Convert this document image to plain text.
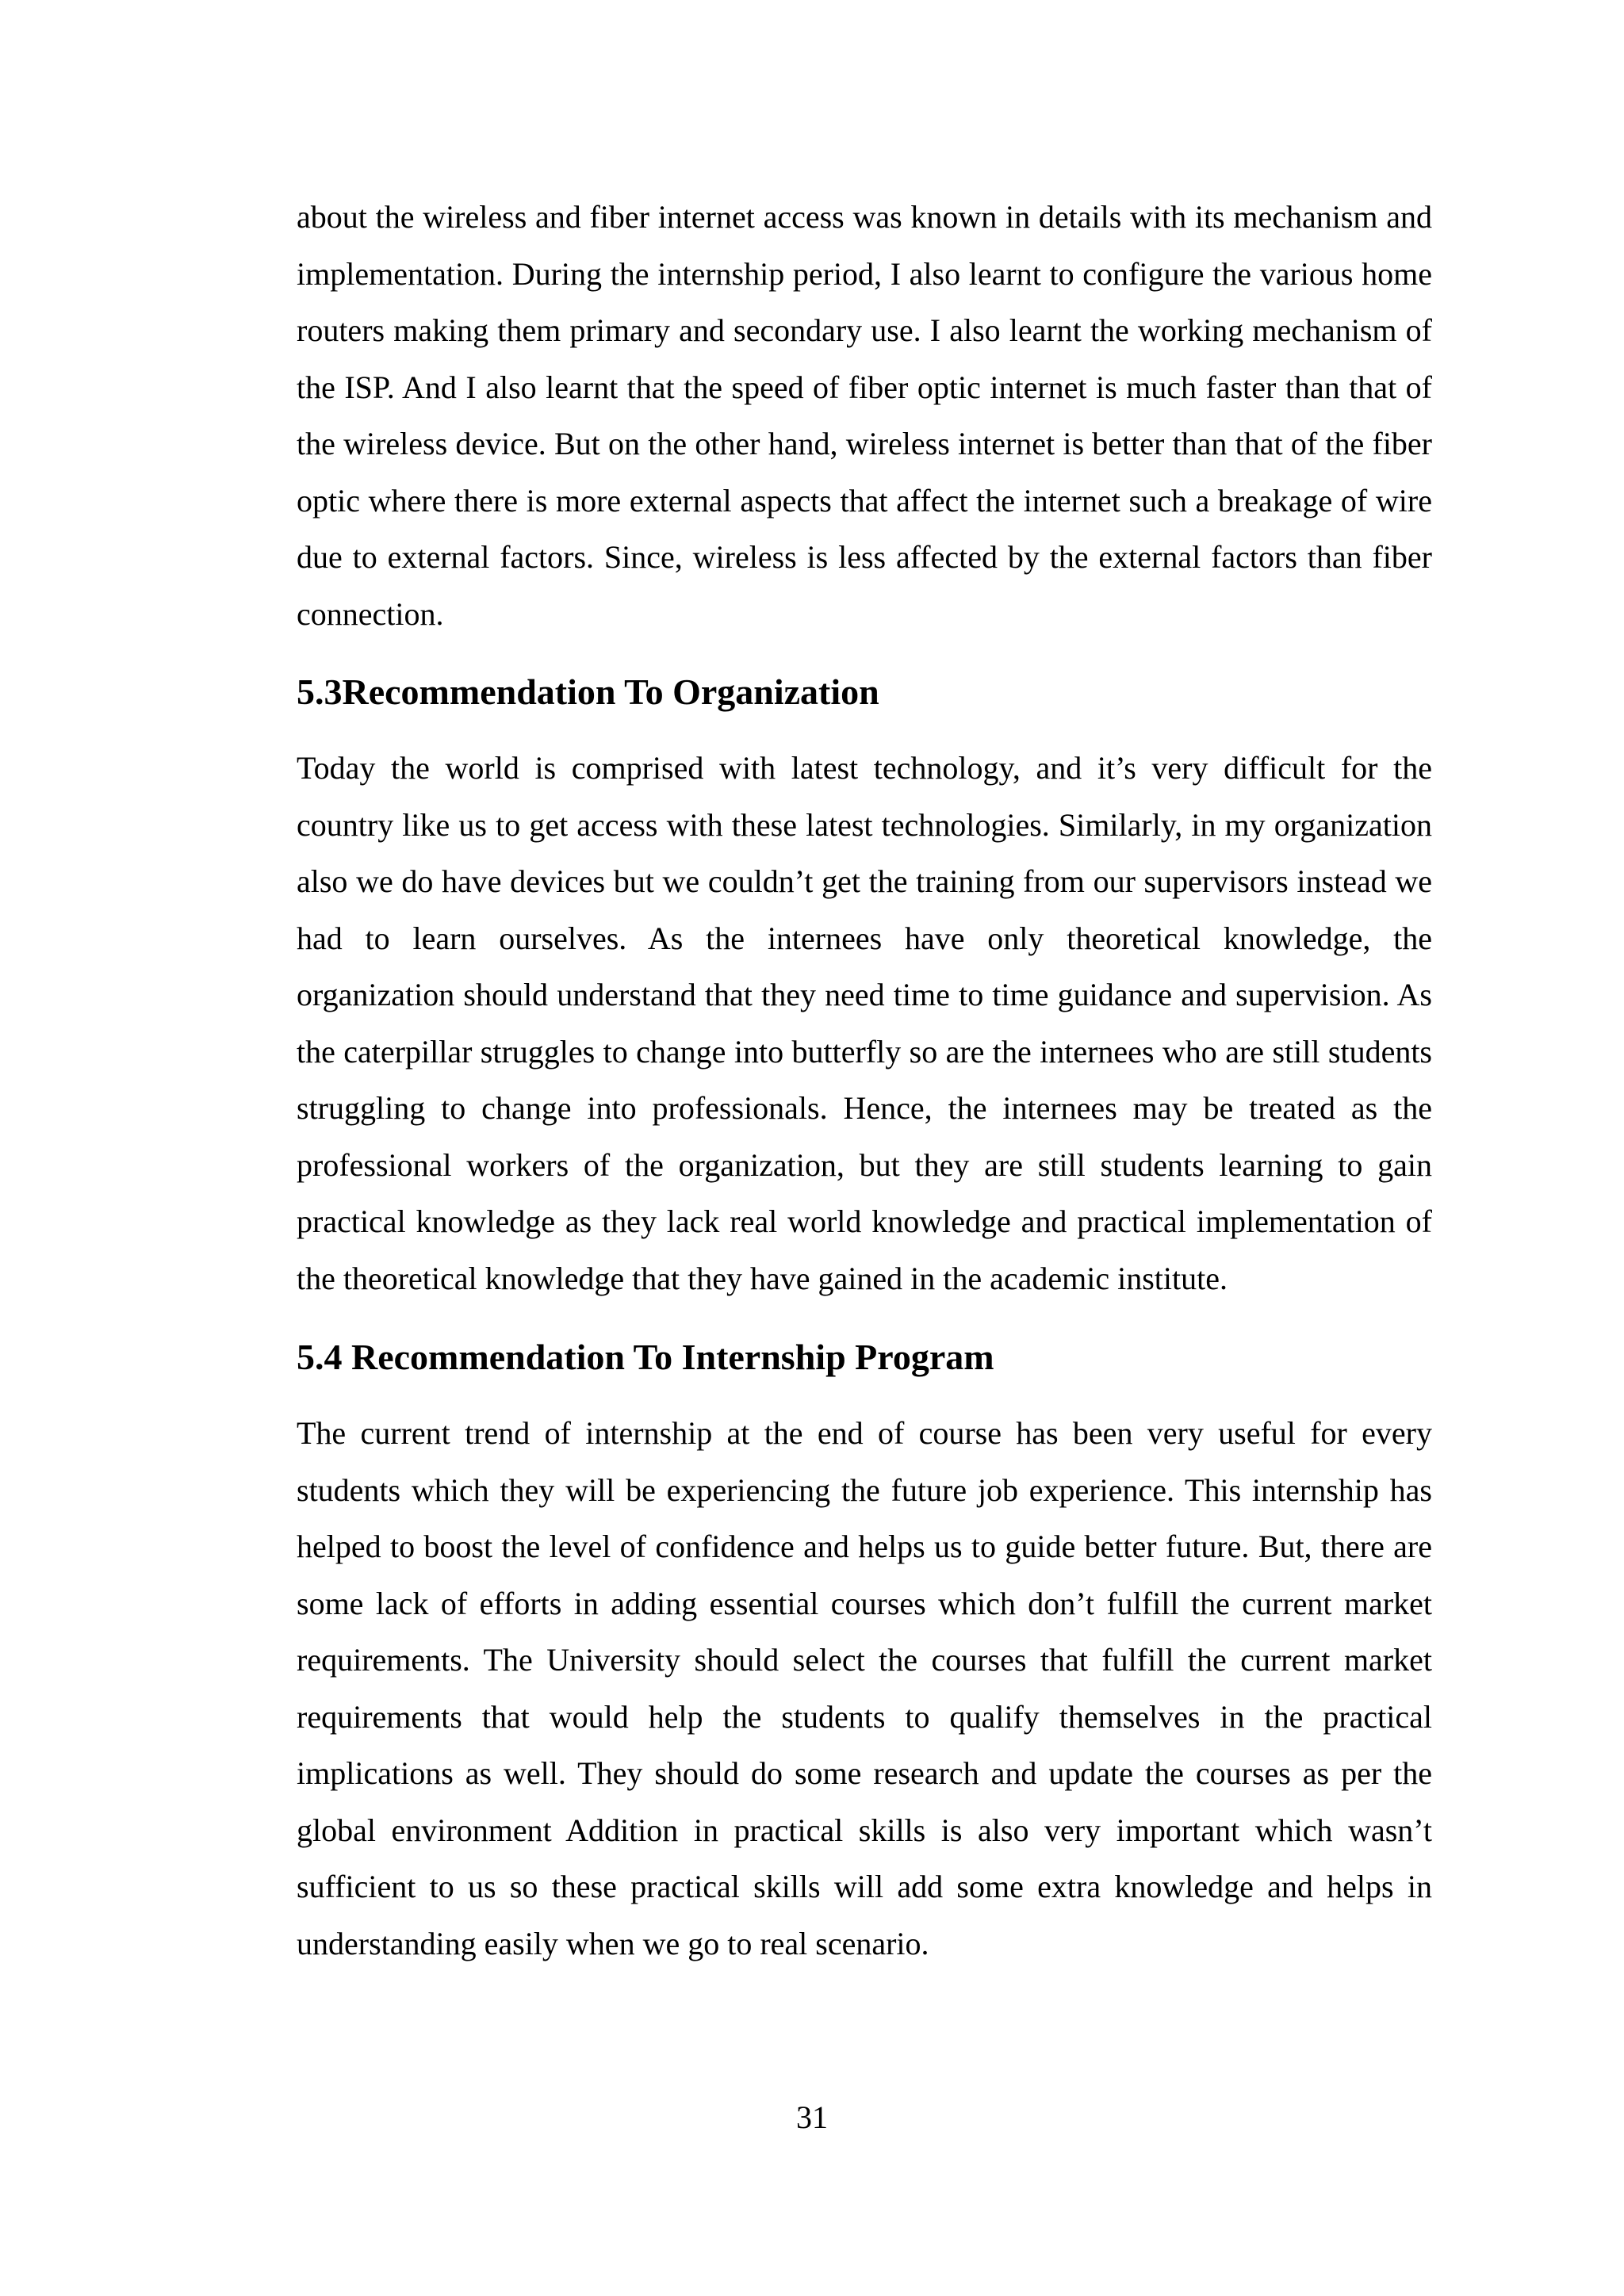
about the wireless and fiber internet access was known in details with its mechanism and implementation. During the internship period, I also learnt to configure the various home routers making them primary and secondary use. I also learnt the working mechanism of the ISP. And I also learnt that the speed of fiber optic internet is much faster than that of the wireless device. But on the other hand, wireless internet is better than that of the fiber optic where there is more external aspects that affect the internet such a breakage of wire due to external factors. Since, wireless is less affected by the external factors than fiber connection.

5.3Recommendation To Organization

Today the world is comprised with latest technology, and it’s very difficult for the country like us to get access with these latest technologies. Similarly, in my organization also we do have devices but we couldn’t get the training from our supervisors instead we had to learn ourselves. As the internees have only theoretical knowledge, the organization should understand that they need time to time guidance and supervision. As the caterpillar struggles to change into butterfly so are the internees who are still students struggling to change into professionals. Hence, the internees may be treated as the professional workers of the organization, but they are still students learning to gain practical knowledge as they lack real world knowledge and practical implementation of the theoretical knowledge that they have gained in the academic institute.

5.4 Recommendation To Internship Program

The current trend of internship at the end of course has been very useful for every students which they will be experiencing the future job experience. This internship has helped to boost the level of confidence and helps us to guide better future. But, there are some lack of efforts in adding essential courses which don’t fulfill the current market requirements. The University should select the courses that fulfill the current market requirements that would help the students to qualify themselves in the practical implications as well. They should do some research and update the courses as per the global environment Addition in practical skills is also very important which wasn’t sufficient to us so these practical skills will add some extra knowledge and helps in understanding easily when we go to real scenario.

31
